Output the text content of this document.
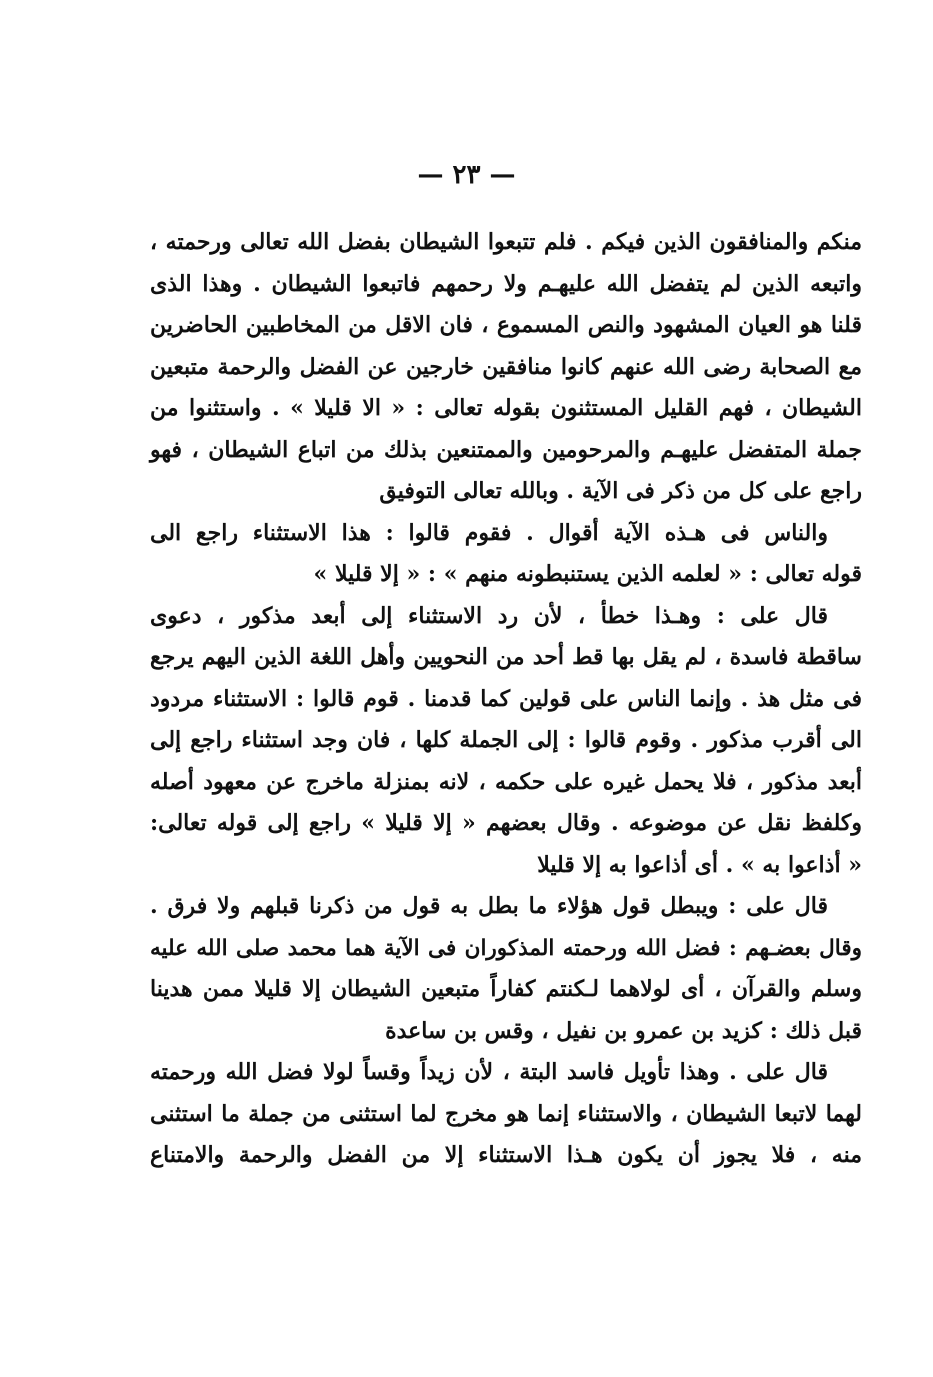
— ٢٣ —
منكم والمنافقون الذين فيكم . فلم تتبعوا الشيطان بفضل الله تعالى ورحمته ،
واتبعه الذين لم يتفضل الله عليهـم ولا رحمهم فاتبعوا الشيطان . وهذا الذى
قلنا هو العيان المشهود والنص المسموع ، فان الاقل من المخاطبين الحاضرين
مع الصحابة رضى الله عنهم كانوا منافقين خارجين عن الفضل والرحمة متبعين
الشيطان ، فهم القليل المستثنون بقوله تعالى : « الا قليلا » . واستثنوا من
جملة المتفضل عليهـم والمرحومين والممتنعين بذلك من اتباع الشيطان ، فهو
راجع على كل من ذكر فى الآية . وبالله تعالى التوفيق
والناس فى هـذه الآية أقوال . فقوم قالوا : هذا الاستثناء راجع الى
قوله تعالى : « لعلمه الذين يستنبطونه منهم » : « إلا قليلا »
قال على : وهـذا خطأ ، لأن رد الاستثناء إلى أبعد مذكور ، دعوى
ساقطة فاسدة ، لم يقل بها قط أحد من النحويين وأهل اللغة الذين اليهم يرجع
فى مثل هذ . وإنما الناس على قولين كما قدمنا . قوم قالوا : الاستثناء مردود
الى أقرب مذكور . وقوم قالوا : إلى الجملة كلها ، فان وجد استثناء راجع إلى
أبعد مذكور ، فلا يحمل غيره على حكمه ، لانه بمنزلة ماخرج عن معهود أصله
وكلفظ نقل عن موضوعه . وقال بعضهم « إلا قليلا » راجع إلى قوله تعالى:
« أذاعوا به » . أى أذاعوا به إلا قليلا
قال على : ويبطل قول هؤلاء ما بطل به قول من ذكرنا قبلهم ولا فرق .
وقال بعضـهم : فضل الله ورحمته المذكوران فى الآية هما محمد صلى الله عليه
وسلم والقرآن ، أى لولاهما لـكنتم كفاراً متبعين الشيطان إلا قليلا ممن هدينا
قبل ذلك : كزيد بن عمرو بن نفيل ، وقس بن ساعدة
قال على . وهذا تأويل فاسد البتة ، لأن زيداً وقساً لولا فضل الله ورحمته
لهما لاتبعا الشيطان ، والاستثناء إنما هو مخرج لما استثنى من جملة ما استثنى
منه ، فلا يجوز أن يكون هـذا الاستثناء إلا من الفضل والرحمة والامتناع
